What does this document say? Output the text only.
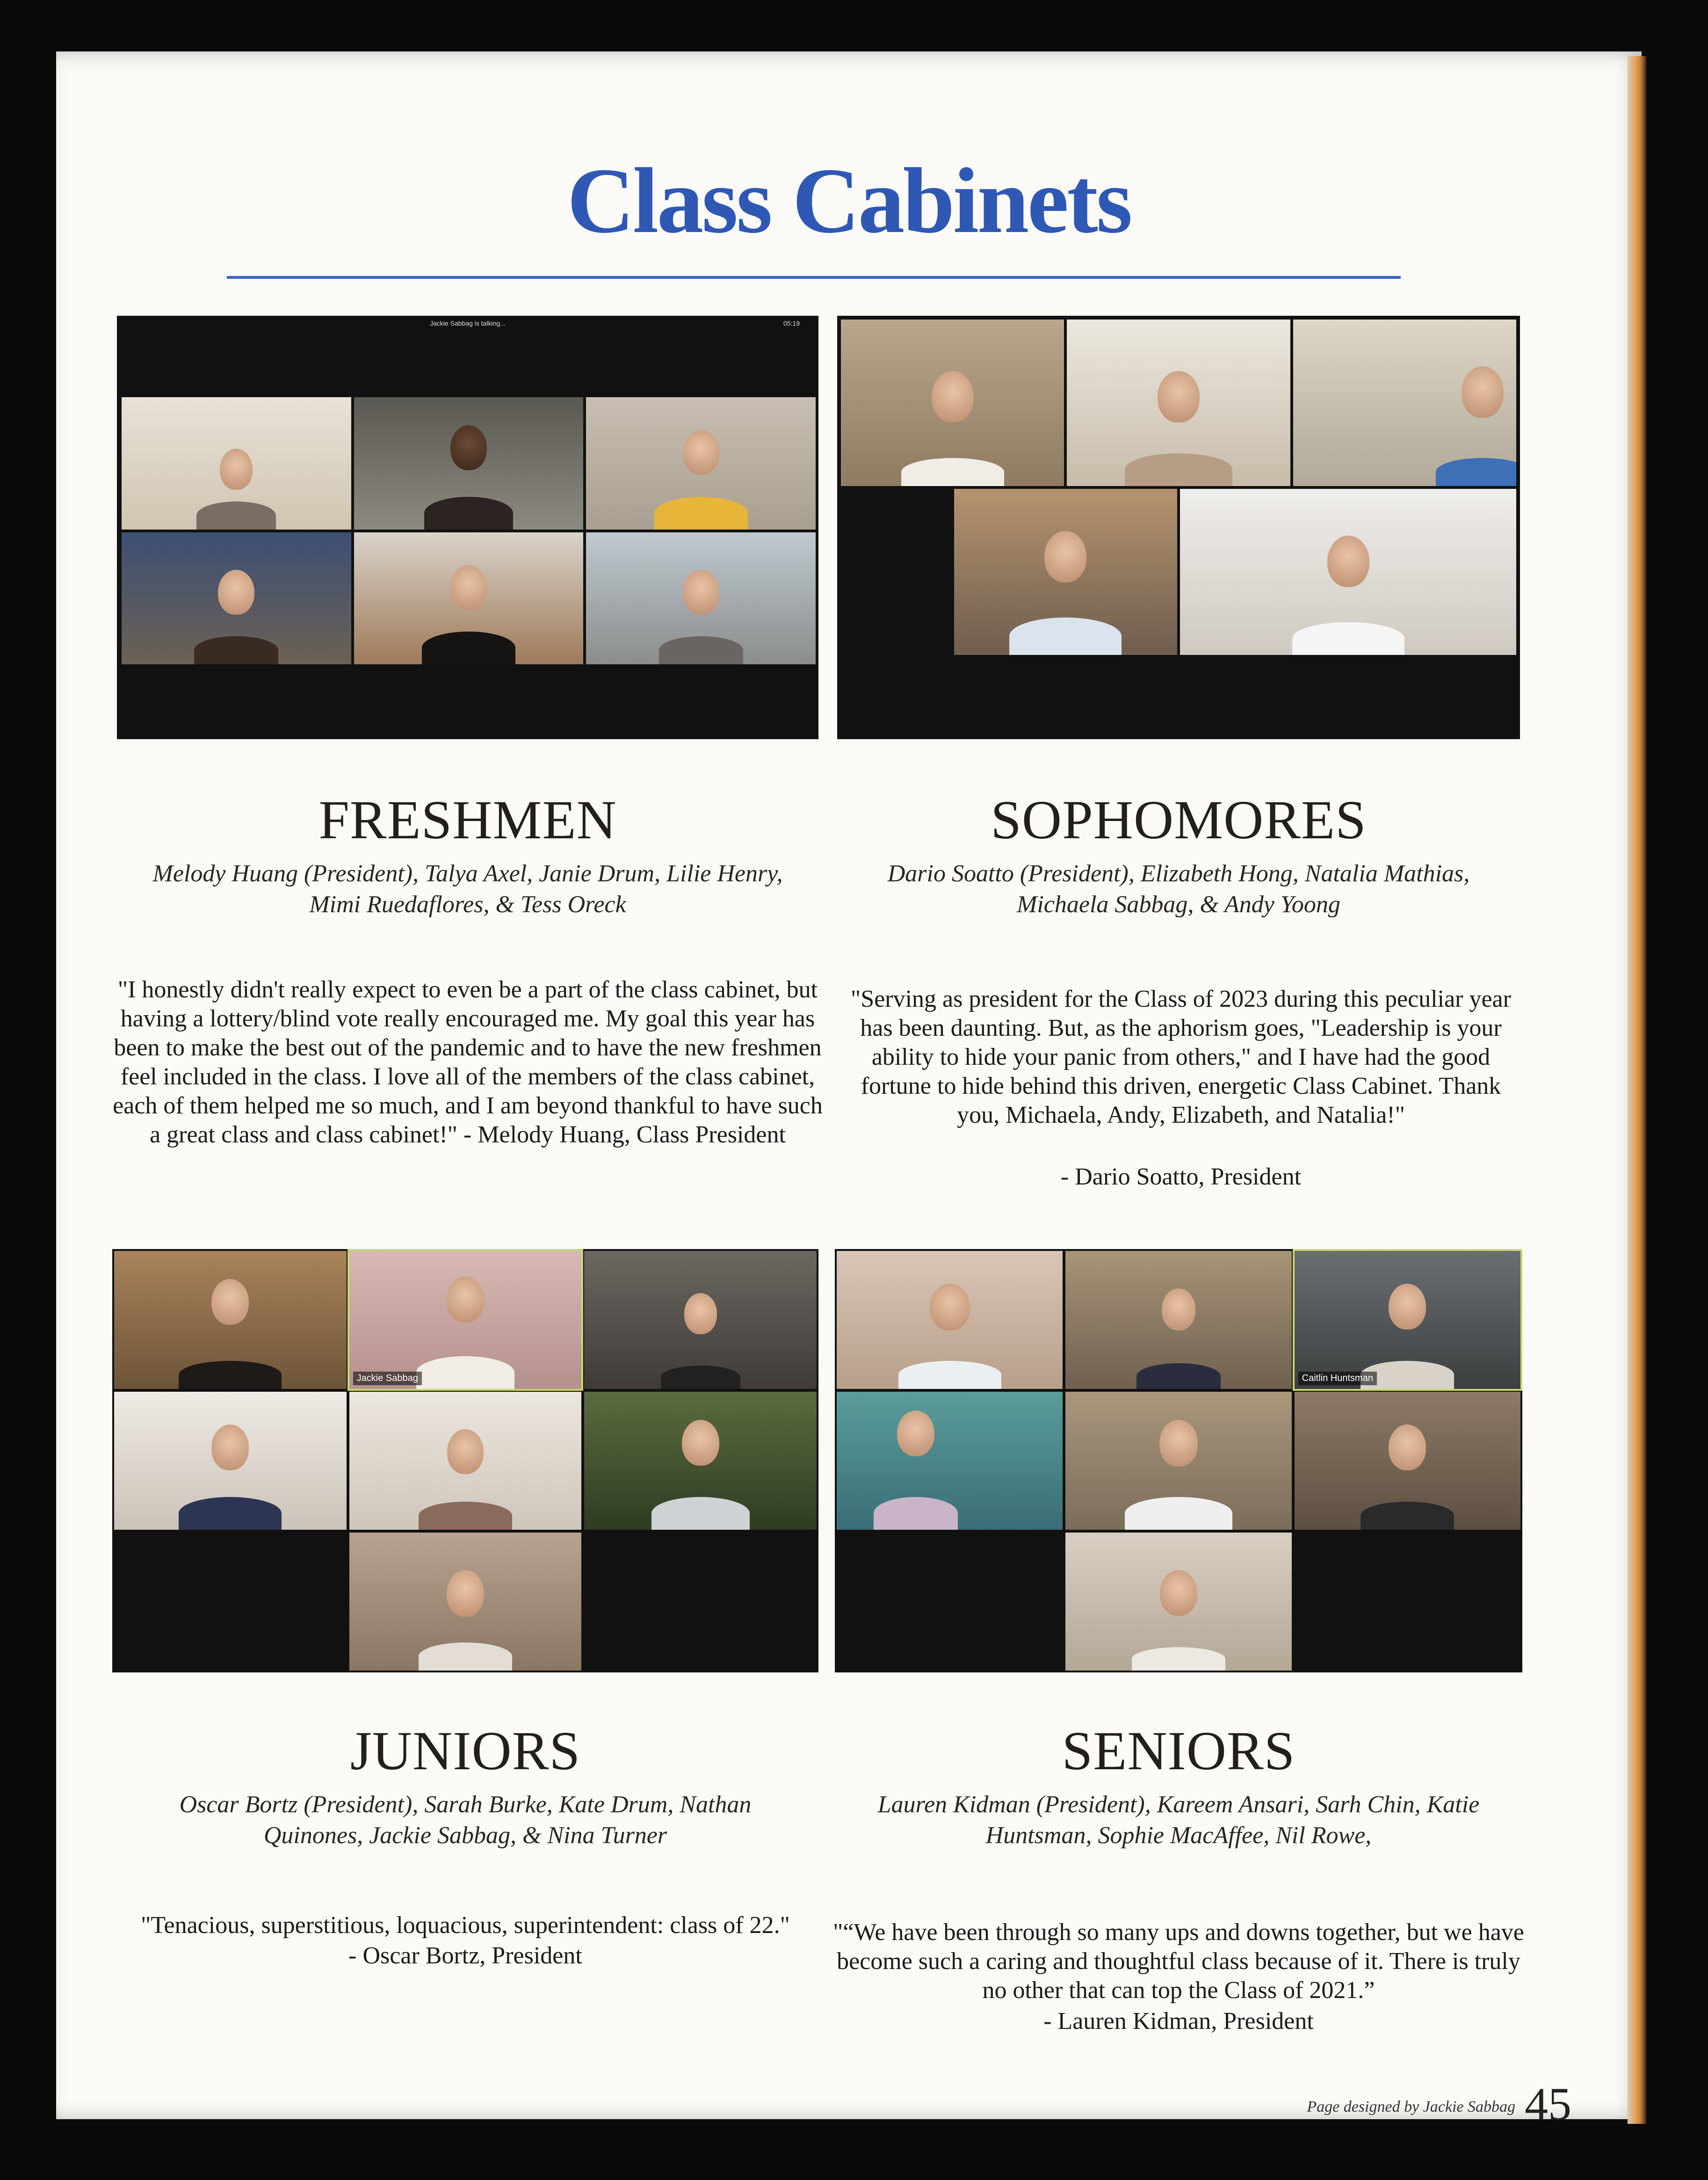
Class Cabinets
Jackie Sabbag is talking...	05:19
FRESHMEN
Melody Huang (President), Talya Axel, Janie Drum, Lilie Henry, Mimi Ruedaflores, & Tess Oreck
"I honestly didn't really expect to even be a part of the class cabinet, but having a lottery/blind vote really encouraged me. My goal this year has been to make the best out of the pandemic and to have the new freshmen feel included in the class. I love all of the members of the class cabinet, each of them helped me so much, and I am beyond thankful to have such a great class and class cabinet!" - Melody Huang, Class President
SOPHOMORES
Dario Soatto (President), Elizabeth Hong, Natalia Mathias, Michaela Sabbag, & Andy Yoong
"Serving as president for the Class of 2023 during this peculiar year has been daunting. But, as the aphorism goes, "Leadership is your ability to hide your panic from others," and I have had the good fortune to hide behind this driven, energetic Class Cabinet. Thank you, Michaela, Andy, Elizabeth, and Natalia!"
- Dario Soatto, President
Jackie Sabbag	Caitlin Huntsman
JUNIORS
Oscar Bortz (President), Sarah Burke, Kate Drum, Nathan Quinones, Jackie Sabbag, & Nina Turner
"Tenacious, superstitious, loquacious, superintendent: class of 22."
- Oscar Bortz, President
SENIORS
Lauren Kidman (President), Kareem Ansari, Sarh Chin, Katie Huntsman, Sophie MacAffee, Nil Rowe,
"“We have been through so many ups and downs together, but we have become such a caring and thoughtful class because of it. There is truly no other that can top the Class of 2021.”
- Lauren Kidman, President
Page designed by Jackie Sabbag 45
